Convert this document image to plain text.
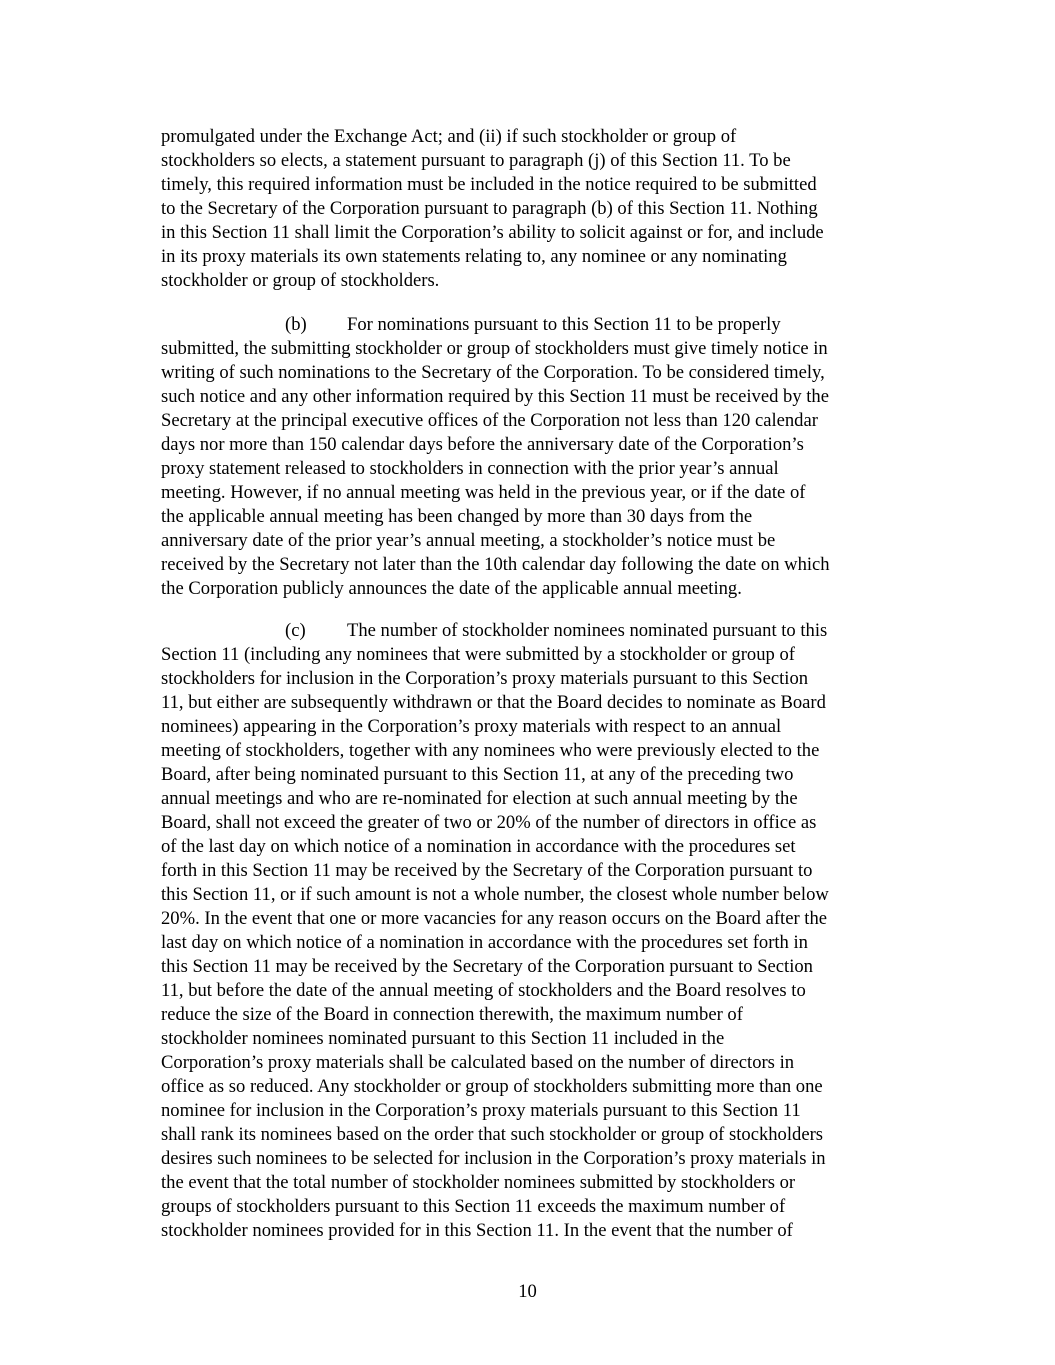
promulgated under the Exchange Act; and (ii) if such stockholder or group of
stockholders so elects, a statement pursuant to paragraph (j) of this Section 11. To be
timely, this required information must be included in the notice required to be submitted
to the Secretary of the Corporation pursuant to paragraph (b) of this Section 11. Nothing
in this Section 11 shall limit the Corporation’s ability to solicit against or for, and include
in its proxy materials its own statements relating to, any nominee or any nominating
stockholder or group of stockholders.
(b) For nominations pursuant to this Section 11 to be properly
submitted, the submitting stockholder or group of stockholders must give timely notice in
writing of such nominations to the Secretary of the Corporation. To be considered timely,
such notice and any other information required by this Section 11 must be received by the
Secretary at the principal executive offices of the Corporation not less than 120 calendar
days nor more than 150 calendar days before the anniversary date of the Corporation’s
proxy statement released to stockholders in connection with the prior year’s annual
meeting. However, if no annual meeting was held in the previous year, or if the date of
the applicable annual meeting has been changed by more than 30 days from the
anniversary date of the prior year’s annual meeting, a stockholder’s notice must be
received by the Secretary not later than the 10th calendar day following the date on which
the Corporation publicly announces the date of the applicable annual meeting.
(c) The number of stockholder nominees nominated pursuant to this
Section 11 (including any nominees that were submitted by a stockholder or group of
stockholders for inclusion in the Corporation’s proxy materials pursuant to this Section
11, but either are subsequently withdrawn or that the Board decides to nominate as Board
nominees) appearing in the Corporation’s proxy materials with respect to an annual
meeting of stockholders, together with any nominees who were previously elected to the
Board, after being nominated pursuant to this Section 11, at any of the preceding two
annual meetings and who are re-nominated for election at such annual meeting by the
Board, shall not exceed the greater of two or 20% of the number of directors in office as
of the last day on which notice of a nomination in accordance with the procedures set
forth in this Section 11 may be received by the Secretary of the Corporation pursuant to
this Section 11, or if such amount is not a whole number, the closest whole number below
20%. In the event that one or more vacancies for any reason occurs on the Board after the
last day on which notice of a nomination in accordance with the procedures set forth in
this Section 11 may be received by the Secretary of the Corporation pursuant to Section
11, but before the date of the annual meeting of stockholders and the Board resolves to
reduce the size of the Board in connection therewith, the maximum number of
stockholder nominees nominated pursuant to this Section 11 included in the
Corporation’s proxy materials shall be calculated based on the number of directors in
office as so reduced. Any stockholder or group of stockholders submitting more than one
nominee for inclusion in the Corporation’s proxy materials pursuant to this Section 11
shall rank its nominees based on the order that such stockholder or group of stockholders
desires such nominees to be selected for inclusion in the Corporation’s proxy materials in
the event that the total number of stockholder nominees submitted by stockholders or
groups of stockholders pursuant to this Section 11 exceeds the maximum number of
stockholder nominees provided for in this Section 11. In the event that the number of
10
